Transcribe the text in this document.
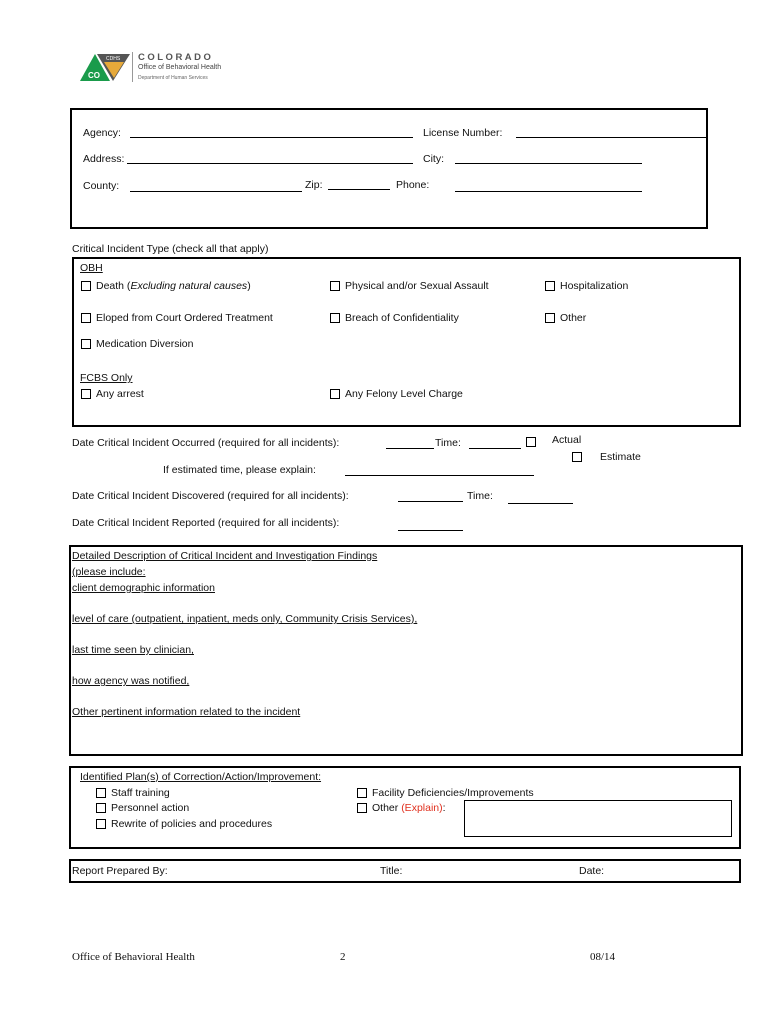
CO
CDHS COLORADO
Office of Behavioral Health
Department of Human Services
Agency:	License Number:
Address:	City:
County:	Zip:	Phone:
Critical Incident Type (check all that apply)
OBH
Death (Excluding natural causes)	Physical and/or Sexual Assault	Hospitalization
Eloped from Court Ordered Treatment	Breach of Confidentiality	Other
Medication Diversion
FCBS Only
Any arrest	Any Felony Level Charge
Date Critical Incident Occurred (required for all incidents):	Time:	Actual
Estimate
If estimated time, please explain:
Date Critical Incident Discovered (required for all incidents):	Time:
Date Critical Incident Reported (required for all incidents):
Detailed Description of Critical Incident and Investigation Findings
(please include:
client demographic information
level of care (outpatient, inpatient, meds only, Community Crisis Services),
last time seen by clinician,
how agency was notified,
Other pertinent information related to the incident
Identified Plan(s) of Correction/Action/Improvement:
Staff training
Personnel action
Rewrite of policies and procedures
Facility Deficiencies/Improvements
Other (Explain):
Report Prepared By:	Title:	Date:
Office of Behavioral Health	2	08/14
